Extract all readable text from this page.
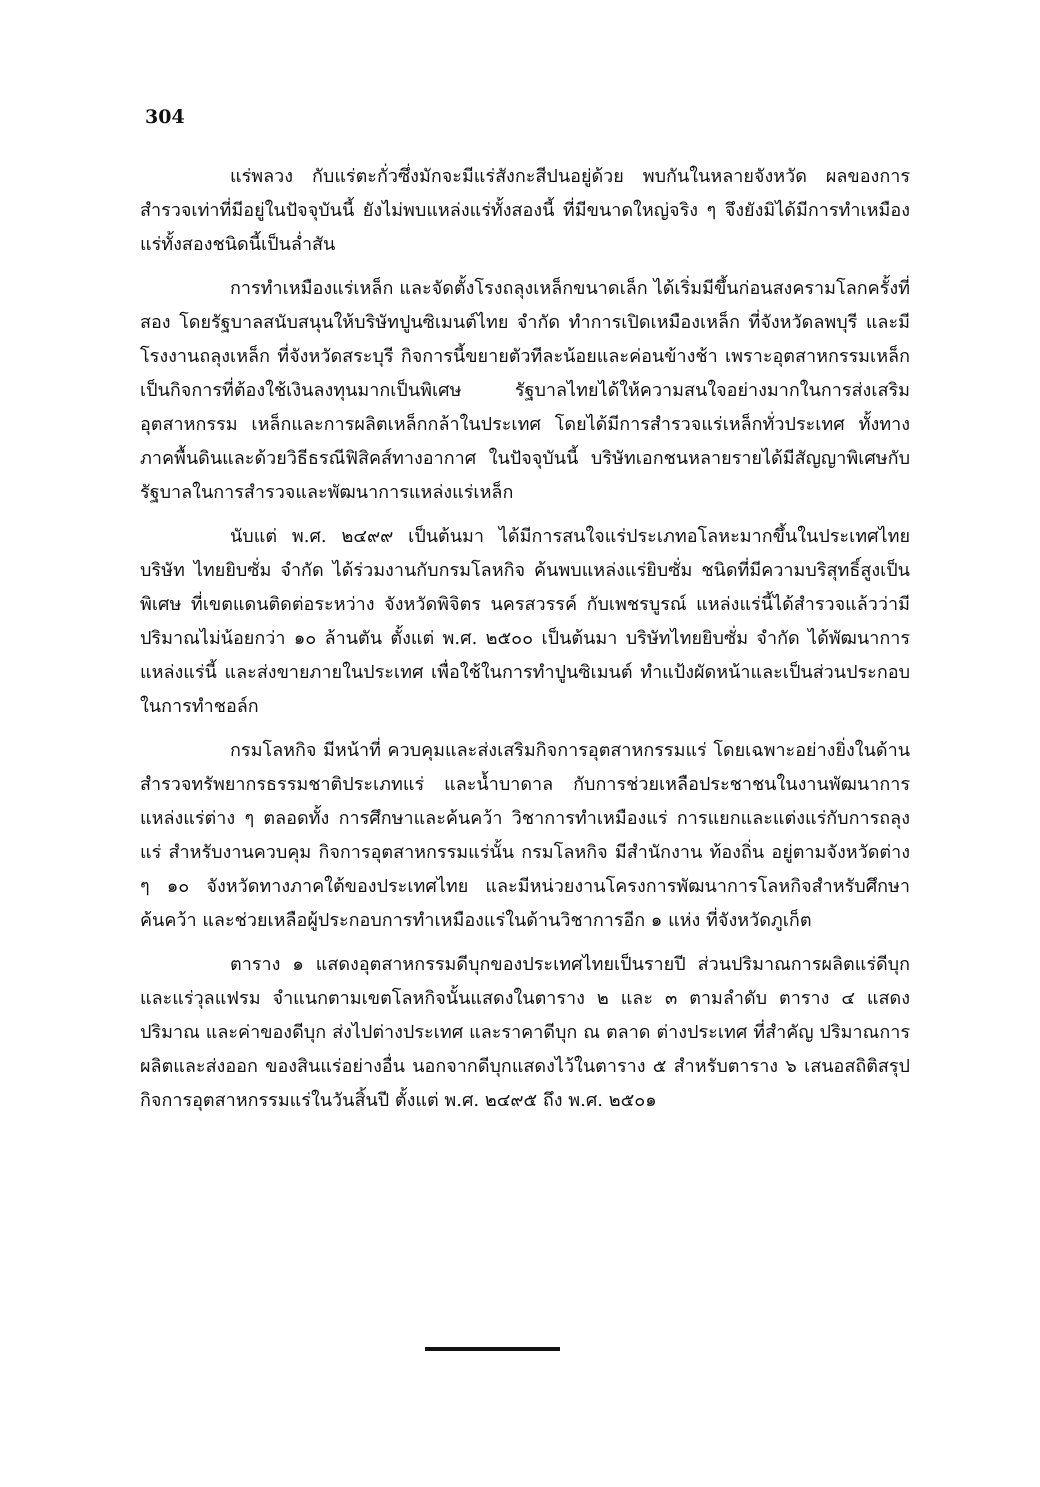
304

แร่พลวง กับแร่ตะกั่วซึ่งมักจะมีแร่สังกะสีปนอยู่ด้วย พบกันในหลายจังหวัด ผลของการสำรวจเท่าที่มีอยู่ในปัจจุบันนี้ ยังไม่พบแหล่งแร่ทั้งสองนี้ ที่มีขนาดใหญ่จริง ๆ จึงยังมิได้มีการทำเหมืองแร่ทั้งสองชนิดนี้เป็นล่ำสัน

การทำเหมืองแร่เหล็ก และจัดตั้งโรงถลุงเหล็กขนาดเล็ก ได้เริ่มมีขึ้นก่อนสงครามโลกครั้งที่สอง โดยรัฐบาลสนับสนุนให้บริษัทปูนซิเมนต์ไทย จำกัด ทำการเปิดเหมืองเหล็ก ที่จังหวัดลพบุรี และมีโรงงานถลุงเหล็ก ที่จังหวัดสระบุรี กิจการนี้ขยายตัวทีละน้อยและค่อนข้างช้า เพราะอุตสาหกรรมเหล็ก เป็นกิจการที่ต้องใช้เงินลงทุนมากเป็นพิเศษ รัฐบาลไทยได้ให้ความสนใจอย่างมากในการส่งเสริมอุตสาหกรรม เหล็กและการผลิตเหล็กกล้าในประเทศ โดยได้มีการสำรวจแร่เหล็กทั่วประเทศ ทั้งทางภาคพื้นดินและด้วยวิธีธรณีฟิสิคส์ทางอากาศ ในปัจจุบันนี้ บริษัทเอกชนหลายรายได้มีสัญญาพิเศษกับรัฐบาลในการสำรวจและพัฒนาการแหล่งแร่เหล็ก

นับแต่ พ.ศ. ๒๔๙๙ เป็นต้นมา ได้มีการสนใจแร่ประเภทอโลหะมากขึ้นในประเทศไทย บริษัท ไทยยิบซั่ม จำกัด ได้ร่วมงานกับกรมโลหกิจ ค้นพบแหล่งแร่ยิบซั่ม ชนิดที่มีความบริสุทธิ์สูงเป็นพิเศษ ที่เขตแดนติดต่อระหว่าง จังหวัดพิจิตร นครสวรรค์ กับเพชรบูรณ์ แหล่งแร่นี้ได้สำรวจแล้วว่ามีปริมาณไม่น้อยกว่า ๑๐ ล้านตัน ตั้งแต่ พ.ศ. ๒๕๐๐ เป็นต้นมา บริษัทไทยยิบซั่ม จำกัด ได้พัฒนาการแหล่งแร่นี้ และส่งขายภายในประเทศ เพื่อใช้ในการทำปูนซิเมนต์ ทำแป้งผัดหน้าและเป็นส่วนประกอบในการทำชอล์ก

กรมโลหกิจ มีหน้าที่ ควบคุมและส่งเสริมกิจการอุตสาหกรรมแร่ โดยเฉพาะอย่างยิ่งในด้านสำรวจทรัพยากรธรรมชาติประเภทแร่ และน้ำบาดาล กับการช่วยเหลือประชาชนในงานพัฒนาการแหล่งแร่ต่าง ๆ ตลอดทั้ง การศึกษาและค้นคว้า วิชาการทำเหมืองแร่ การแยกและแต่งแร่กับการถลุงแร่ สำหรับงานควบคุม กิจการอุตสาหกรรมแร่นั้น กรมโลหกิจ มีสำนักงาน ท้องถิ่น อยู่ตามจังหวัดต่าง ๆ ๑๐ จังหวัดทางภาคใต้ของประเทศไทย และมีหน่วยงานโครงการพัฒนาการโลหกิจสำหรับศึกษาค้นคว้า และช่วยเหลือผู้ประกอบการทำเหมืองแร่ในด้านวิชาการอีก ๑ แห่ง ที่จังหวัดภูเก็ต

ตาราง ๑ แสดงอุตสาหกรรมดีบุกของประเทศไทยเป็นรายปี ส่วนปริมาณการผลิตแร่ดีบุก และแร่วุลแฟรม จำแนกตามเขตโลหกิจนั้นแสดงในตาราง ๒ และ ๓ ตามลำดับ ตาราง ๔ แสดงปริมาณ และค่าของดีบุก ส่งไปต่างประเทศ และราคาดีบุก ณ ตลาด ต่างประเทศ ที่สำคัญ ปริมาณการผลิตและส่งออก ของสินแร่อย่างอื่น นอกจากดีบุกแสดงไว้ในตาราง ๕ สำหรับตาราง ๖ เสนอสถิติสรุปกิจการอุตสาหกรรมแร่ในวันสิ้นปี ตั้งแต่ พ.ศ. ๒๔๙๕ ถึง พ.ศ. ๒๕๐๑
